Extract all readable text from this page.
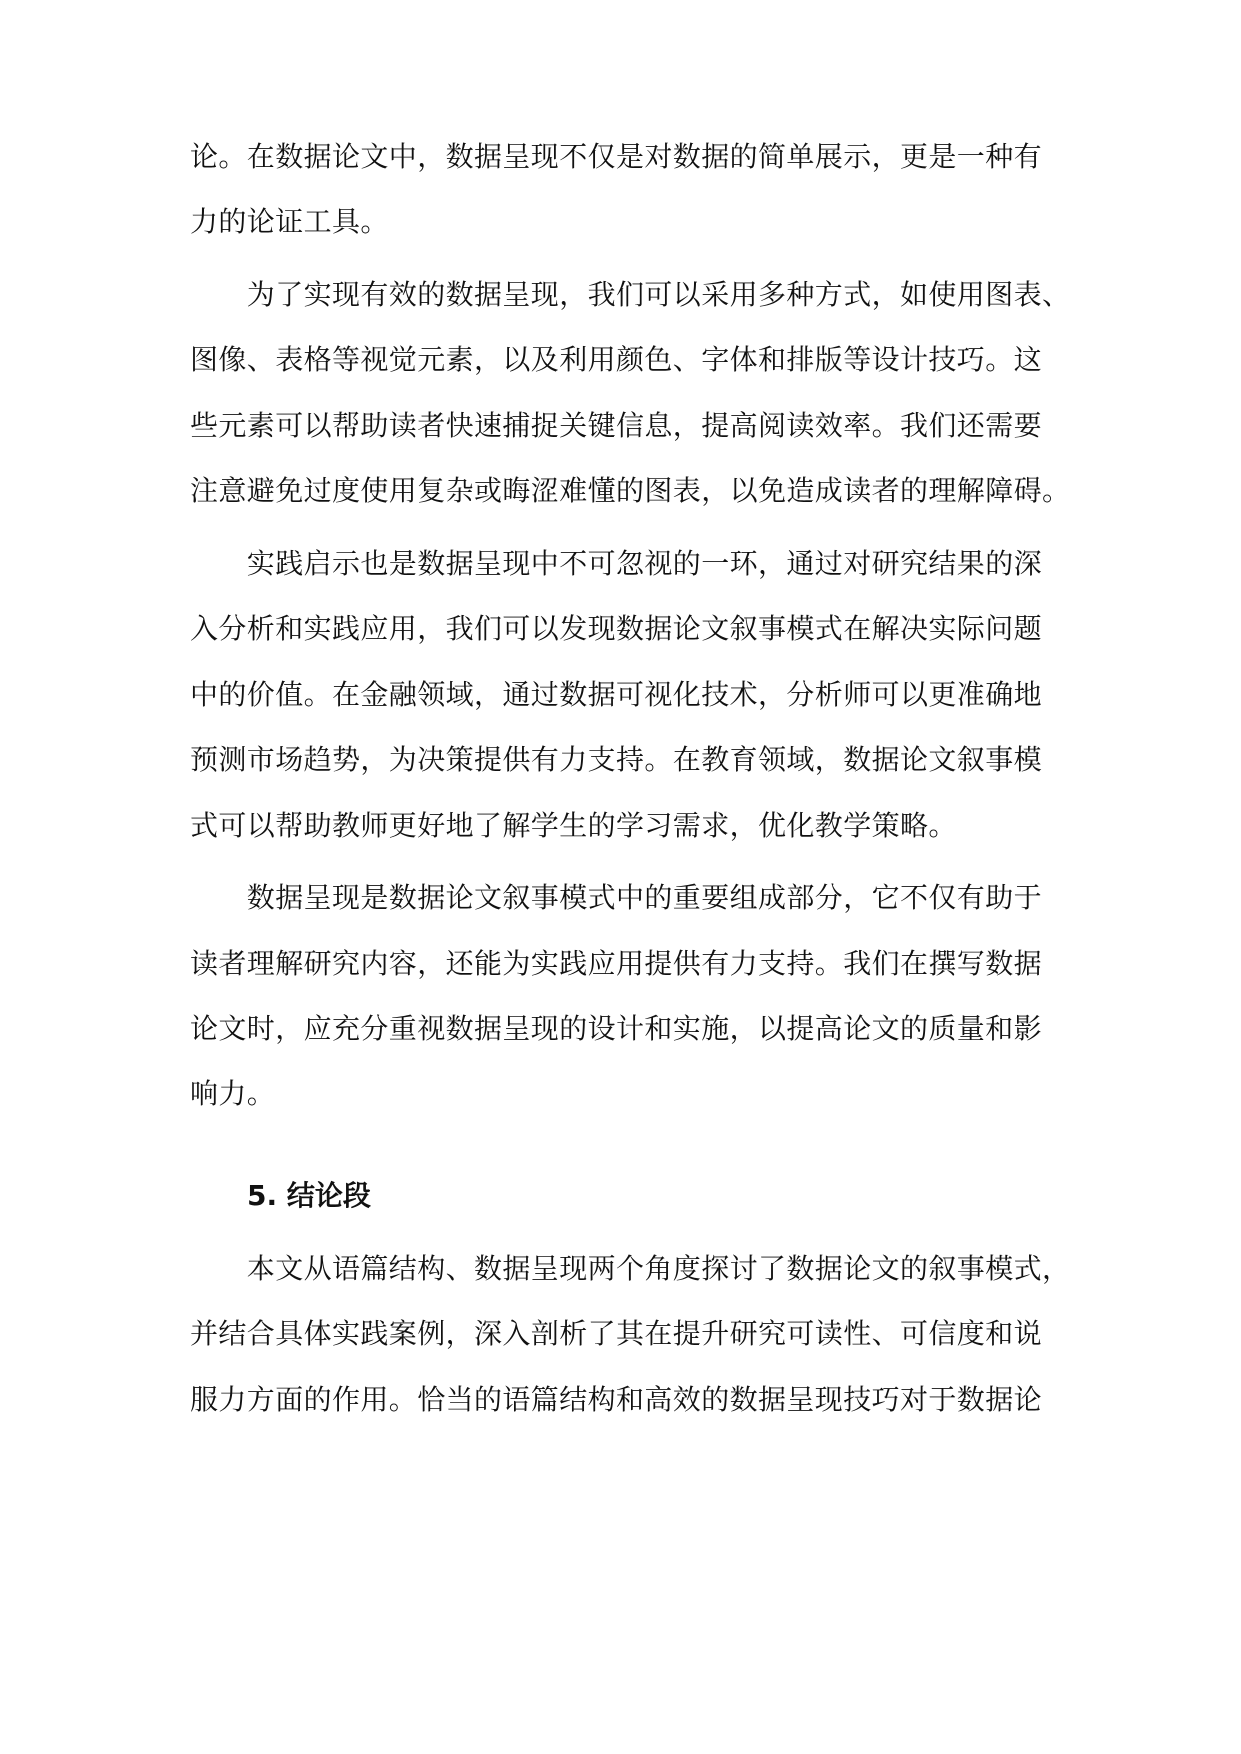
论。在数据论文中，数据呈现不仅是对数据的简单展示，更是一种有
力的论证工具。
　　为了实现有效的数据呈现，我们可以采用多种方式，如使用图表、
图像、表格等视觉元素，以及利用颜色、字体和排版等设计技巧。这
些元素可以帮助读者快速捕捉关键信息，提高阅读效率。我们还需要
注意避免过度使用复杂或晦涩难懂的图表，以免造成读者的理解障碍。
　　实践启示也是数据呈现中不可忽视的一环，通过对研究结果的深
入分析和实践应用，我们可以发现数据论文叙事模式在解决实际问题
中的价值。在金融领域，通过数据可视化技术，分析师可以更准确地
预测市场趋势，为决策提供有力支持。在教育领域，数据论文叙事模
式可以帮助教师更好地了解学生的学习需求，优化教学策略。
　　数据呈现是数据论文叙事模式中的重要组成部分，它不仅有助于
读者理解研究内容，还能为实践应用提供有力支持。我们在撰写数据
论文时，应充分重视数据呈现的设计和实施，以提高论文的质量和影
响力。
5. 结论段
　　本文从语篇结构、数据呈现两个角度探讨了数据论文的叙事模式，
并结合具体实践案例，深入剖析了其在提升研究可读性、可信度和说
服力方面的作用。恰当的语篇结构和高效的数据呈现技巧对于数据论
